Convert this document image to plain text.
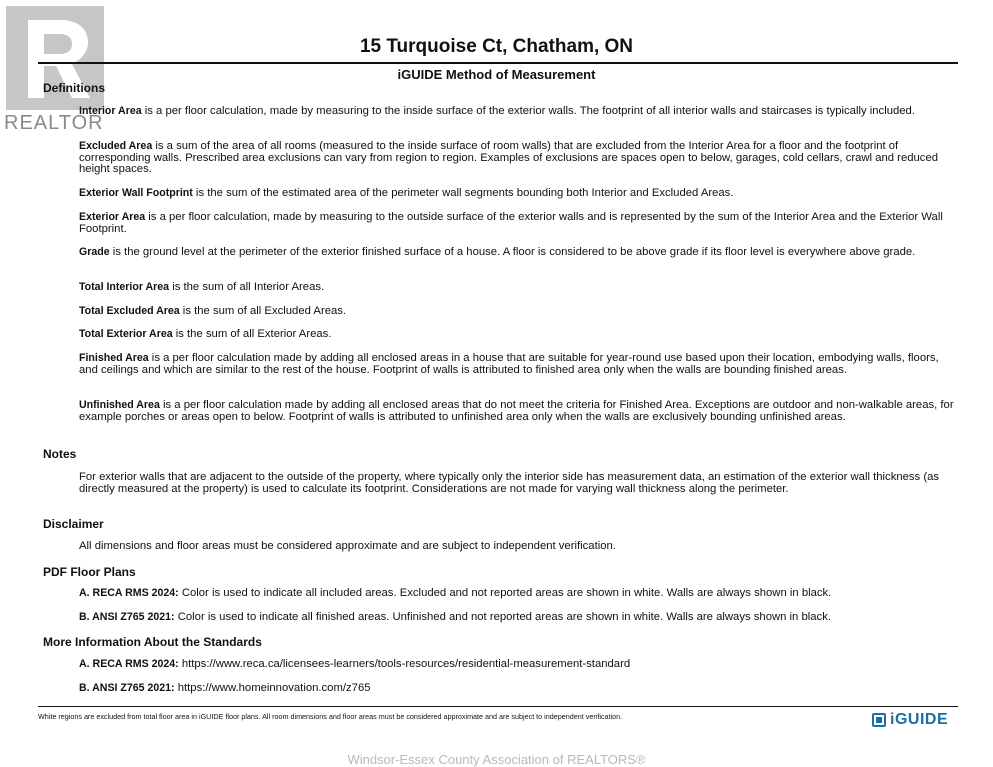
REALTOR
15 Turquoise Ct, Chatham, ON
iGUIDE Method of Measurement
Definitions
Interior Area is a per floor calculation, made by measuring to the inside surface of the exterior walls. The footprint of all interior walls and staircases is typically included.
Excluded Area is a sum of the area of all rooms (measured to the inside surface of room walls) that are excluded from the Interior Area for a floor and the footprint of corresponding walls. Prescribed area exclusions can vary from region to region. Examples of exclusions are spaces open to below, garages, cold cellars, crawl and reduced height spaces.
Exterior Wall Footprint is the sum of the estimated area of the perimeter wall segments bounding both Interior and Excluded Areas.
Exterior Area is a per floor calculation, made by measuring to the outside surface of the exterior walls and is represented by the sum of the Interior Area and the Exterior Wall Footprint.
Grade is the ground level at the perimeter of the exterior finished surface of a house. A floor is considered to be above grade if its floor level is everywhere above grade.
Total Interior Area is the sum of all Interior Areas.
Total Excluded Area is the sum of all Excluded Areas.
Total Exterior Area is the sum of all Exterior Areas.
Finished Area is a per floor calculation made by adding all enclosed areas in a house that are suitable for year-round use based upon their location, embodying walls, floors, and ceilings and which are similar to the rest of the house. Footprint of walls is attributed to finished area only when the walls are bounding finished areas.
Unfinished Area is a per floor calculation made by adding all enclosed areas that do not meet the criteria for Finished Area. Exceptions are outdoor and non-walkable areas, for example porches or areas open to below. Footprint of walls is attributed to unfinished area only when the walls are exclusively bounding unfinished areas.
Notes
For exterior walls that are adjacent to the outside of the property, where typically only the interior side has measurement data, an estimation of the exterior wall thickness (as directly measured at the property) is used to calculate its footprint. Considerations are not made for varying wall thickness along the perimeter.
Disclaimer
All dimensions and floor areas must be considered approximate and are subject to independent verification.
PDF Floor Plans
A. RECA RMS 2024: Color is used to indicate all included areas. Excluded and not reported areas are shown in white. Walls are always shown in black.
B. ANSI Z765 2021: Color is used to indicate all finished areas. Unfinished and not reported areas are shown in white. Walls are always shown in black.
More Information About the Standards
A. RECA RMS 2024: https://www.reca.ca/licensees-learners/tools-resources/residential-measurement-standard
B. ANSI Z765 2021: https://www.homeinnovation.com/z765
White regions are excluded from total floor area in iGUIDE floor plans. All room dimensions and floor areas must be considered approximate and are subject to independent verification.	iGUIDE
Windsor-Essex County Association of REALTORS®
